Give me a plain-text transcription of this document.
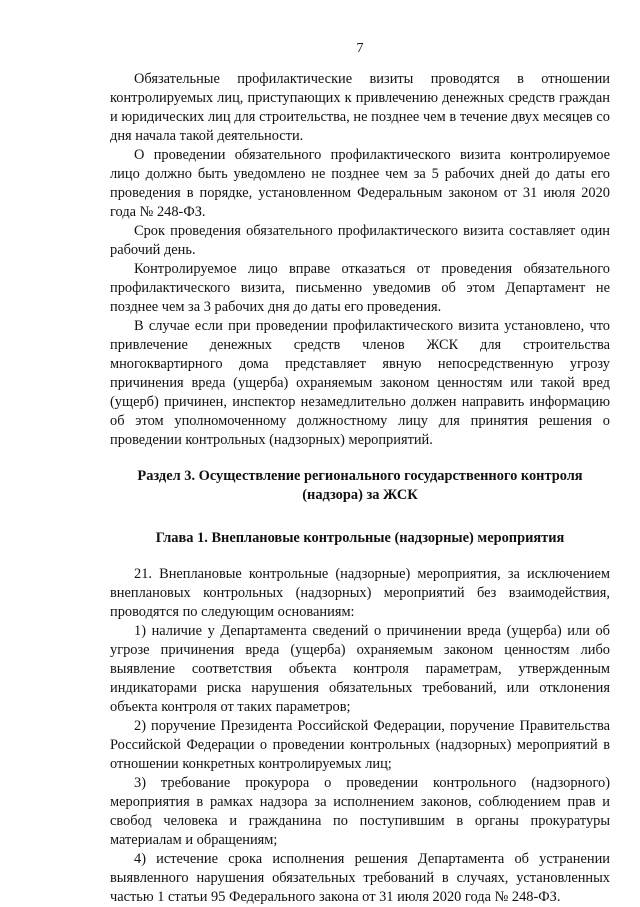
7

Обязательные профилактические визиты проводятся в отношении контролируемых лиц, приступающих к привлечению денежных средств граждан и юридических лиц для строительства, не позднее чем в течение двух месяцев со дня начала такой деятельности.

О проведении обязательного профилактического визита контролируемое лицо должно быть уведомлено не позднее чем за 5 рабочих дней до даты его проведения в порядке, установленном Федеральным законом от 31 июля 2020 года № 248-ФЗ.

Срок проведения обязательного профилактического визита составляет один рабочий день.

Контролируемое лицо вправе отказаться от проведения обязательного профилактического визита, письменно уведомив об этом Департамент не позднее чем за 3 рабочих дня до даты его проведения.

В случае если при проведении профилактического визита установлено, что привлечение денежных средств членов ЖСК для строительства многоквартирного дома представляет явную непосредственную угрозу причинения вреда (ущерба) охраняемым законом ценностям или такой вред (ущерб) причинен, инспектор незамедлительно должен направить информацию об этом уполномоченному должностному лицу для принятия решения о проведении контрольных (надзорных) мероприятий.

Раздел 3. Осуществление регионального государственного контроля (надзора) за ЖСК
Глава 1. Внеплановые контрольные (надзорные) мероприятия

21. Внеплановые контрольные (надзорные) мероприятия, за исключением внеплановых контрольных (надзорных) мероприятий без взаимодействия, проводятся по следующим основаниям:

1) наличие у Департамента сведений о причинении вреда (ущерба) или об угрозе причинения вреда (ущерба) охраняемым законом ценностям либо выявление соответствия объекта контроля параметрам, утвержденным индикаторами риска нарушения обязательных требований, или отклонения объекта контроля от таких параметров;

2) поручение Президента Российской Федерации, поручение Правительства Российской Федерации о проведении контрольных (надзорных) мероприятий в отношении конкретных контролируемых лиц;

3) требование прокурора о проведении контрольного (надзорного) мероприятия в рамках надзора за исполнением законов, соблюдением прав и свобод человека и гражданина по поступившим в органы прокуратуры материалам и обращениям;

4) истечение срока исполнения решения Департамента об устранении выявленного нарушения обязательных требований в случаях, установленных частью 1 статьи 95 Федерального закона от 31 июля 2020 года № 248-ФЗ.
